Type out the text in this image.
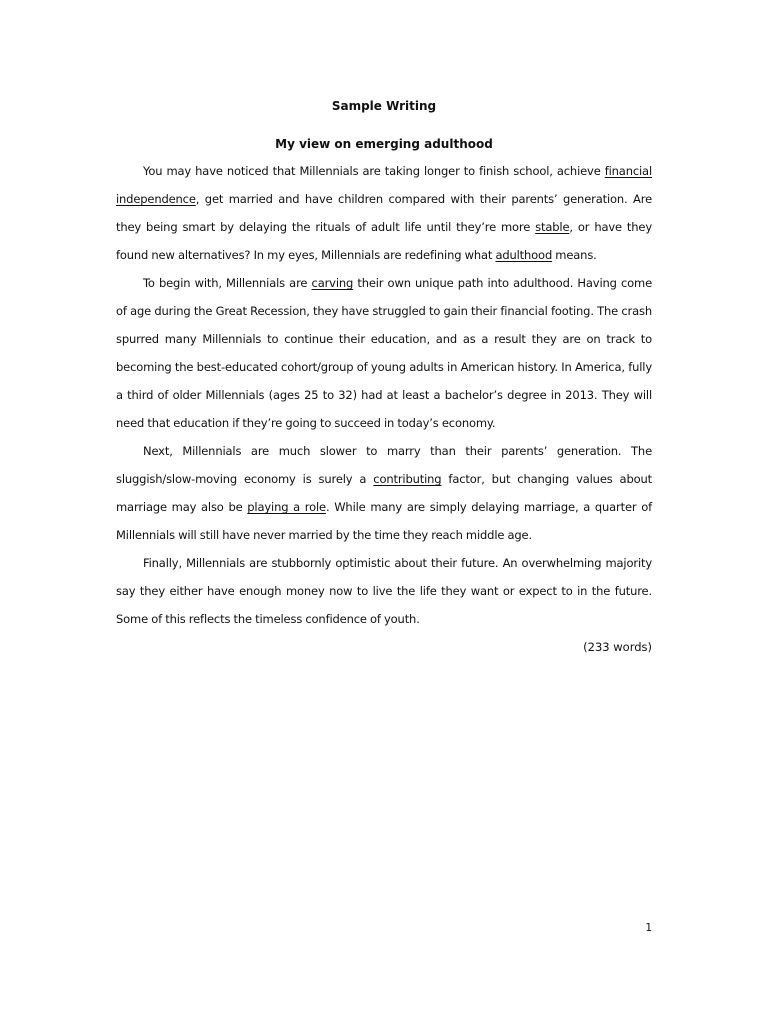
Sample Writing

My view on emerging adulthood

You may have noticed that Millennials are taking longer to finish school, achieve financial independence, get married and have children compared with their parents’ generation. Are they being smart by delaying the rituals of adult life until they’re more stable, or have they found new alternatives? In my eyes, Millennials are redefining what adulthood means.

To begin with, Millennials are carving their own unique path into adulthood. Having come of age during the Great Recession, they have struggled to gain their financial footing. The crash spurred many Millennials to continue their education, and as a result they are on track to becoming the best-educated cohort/group of young adults in American history. In America, fully a third of older Millennials (ages 25 to 32) had at least a bachelor’s degree in 2013. They will need that education if they’re going to succeed in today’s economy.

Next, Millennials are much slower to marry than their parents’ generation. The sluggish/slow-moving economy is surely a contributing factor, but changing values about marriage may also be playing a role. While many are simply delaying marriage, a quarter of Millennials will still have never married by the time they reach middle age.

Finally, Millennials are stubbornly optimistic about their future. An overwhelming majority say they either have enough money now to live the life they want or expect to in the future. Some of this reflects the timeless confidence of youth.

(233 words)

1
